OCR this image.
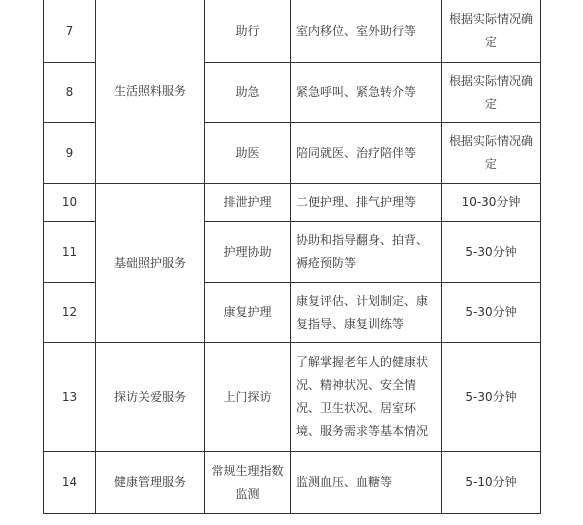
7	生活照料服务	助行	室内移位、室外助行等	根据实际情况确定
8		助急	紧急呼叫、紧急转介等	根据实际情况确定
9		助医	陪同就医、治疗陪伴等	根据实际情况确定
10	基础照护服务	排泄护理	二便护理、排气护理等	10-30分钟
11		护理协助	协助和指导翻身、拍背、褥疮预防等	5-30分钟
12		康复护理	康复评估、计划制定、康复指导、康复训练等	5-30分钟
13	探访关爱服务	上门探访	了解掌握老年人的健康状况、精神状况、安全情况、卫生状况、居室环境、服务需求等基本情况	5-30分钟
14	健康管理服务	常规生理指数监测	监测血压、血糖等	5-10分钟
